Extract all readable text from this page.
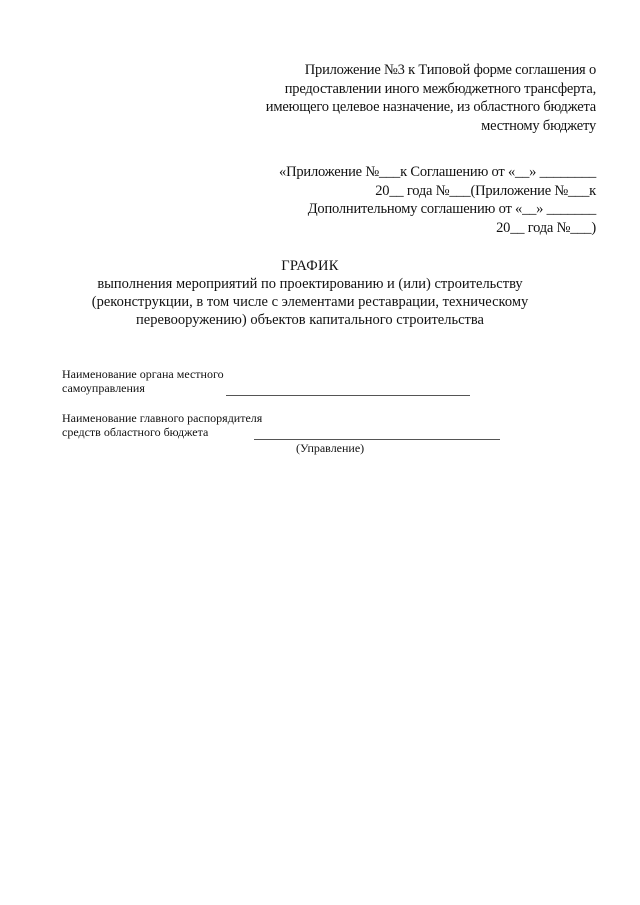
Приложение №3 к Типовой форме соглашения о
предоставлении иного межбюджетного трансферта,
имеющего целевое назначение, из областного бюджета
местному бюджету
«Приложение №___к Соглашению от «__» ________
20__ года №___(Приложение №___к
Дополнительному соглашению от «__» _______
20__ года №___)
ГРАФИК
выполнения мероприятий по проектированию и (или) строительству
(реконструкции, в том числе с элементами реставрации, техническому
перевооружению) объектов капитального строительства
Наименование органа местного
самоуправления
Наименование главного распорядителя
средств областного бюджета
(Управление)
